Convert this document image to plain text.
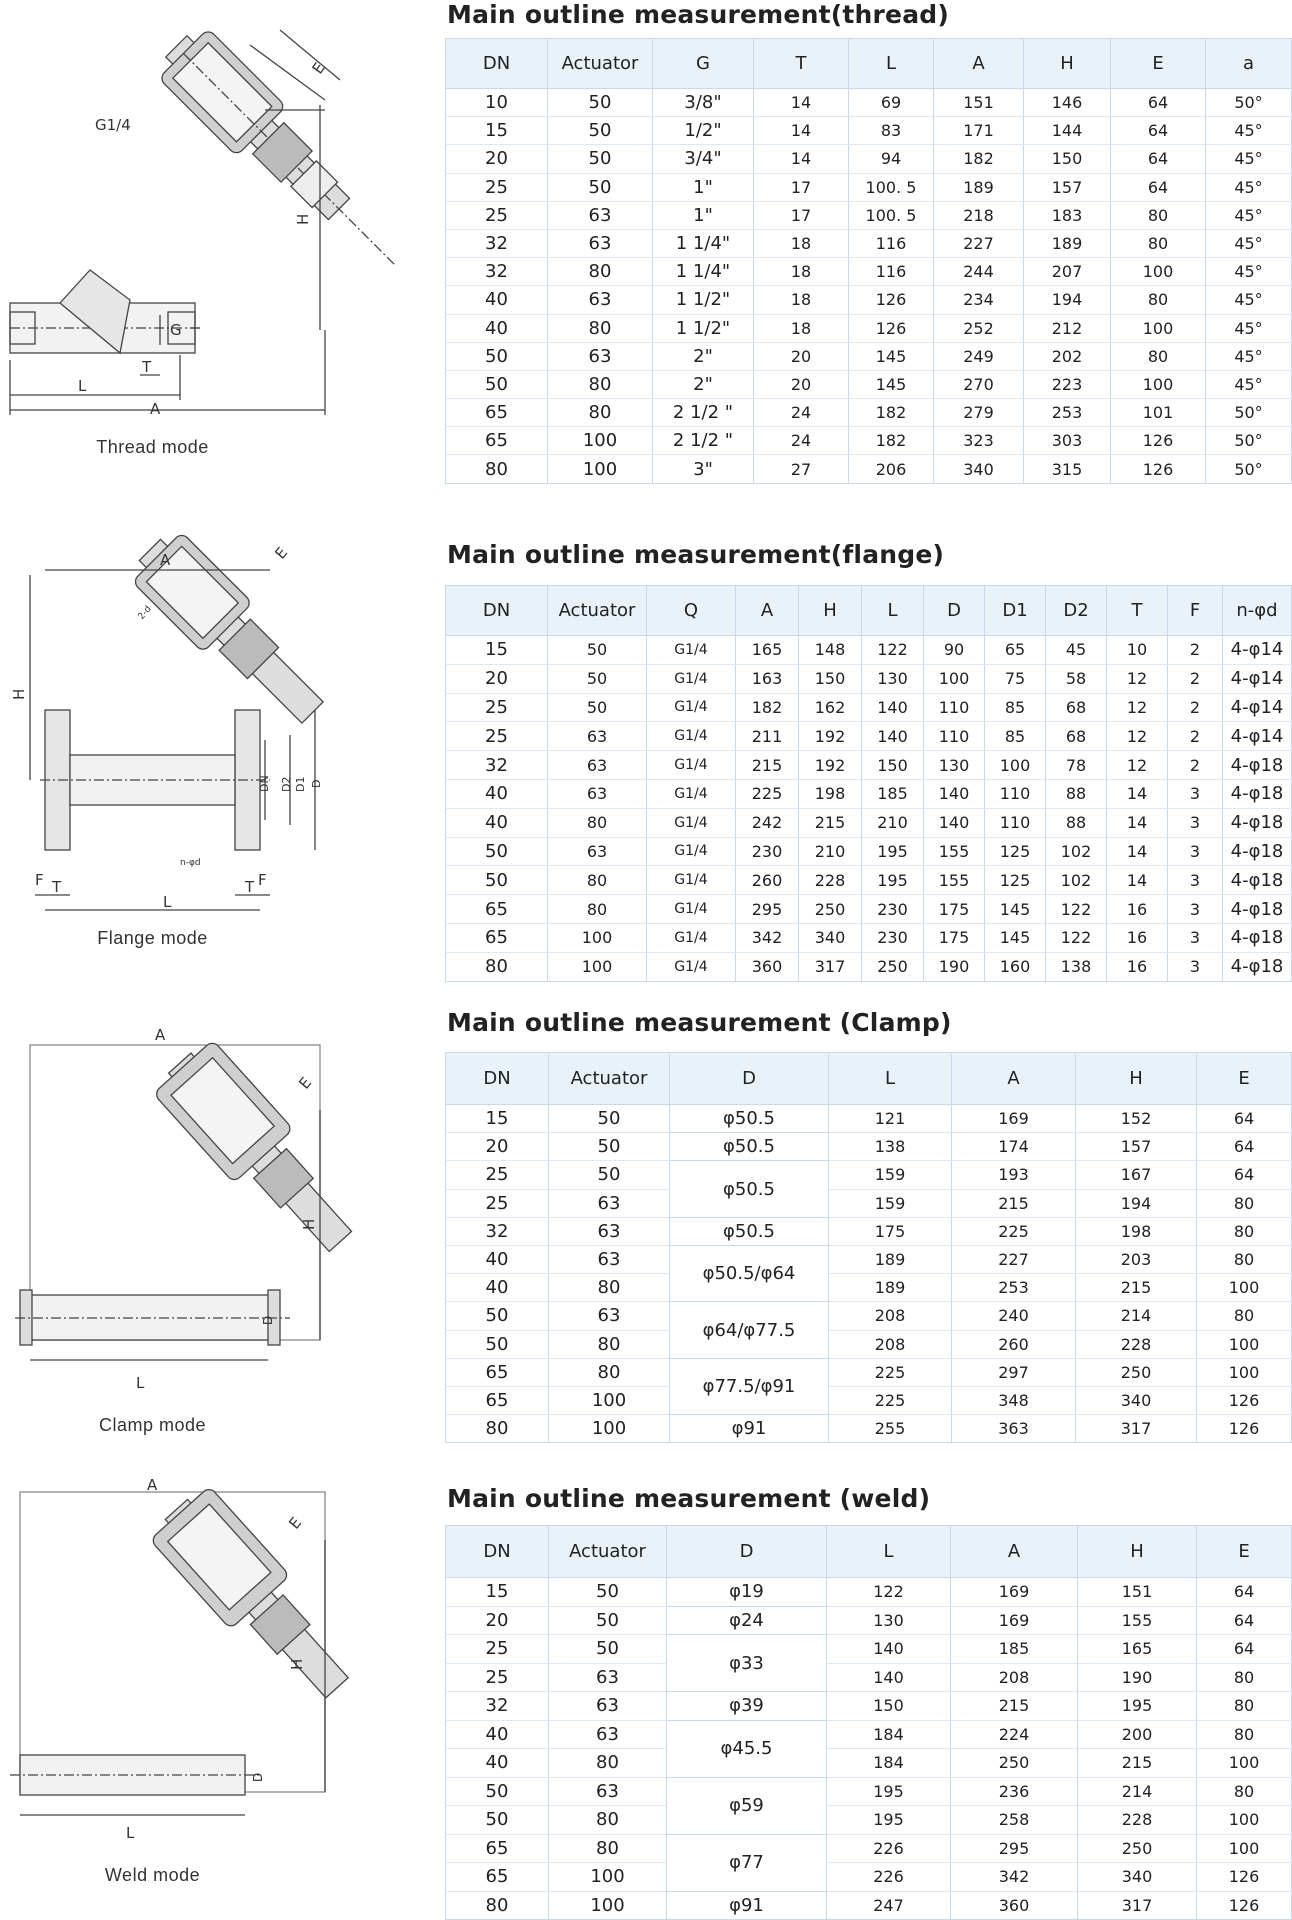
Main outline measurement(thread)
G1/4
E
H
G
T
L
A
Thread mode
DN	Actuator	G	T	L	A	H	E	a
10	50	3/8"	14	69	151	146	64	50°
15	50	1/2"	14	83	171	144	64	45°
20	50	3/4"	14	94	182	150	64	45°
25	50	1"	17	100. 5	189	157	64	45°
25	63	1"	17	100. 5	218	183	80	45°
32	63	1 1/4"	18	116	227	189	80	45°
32	80	1 1/4"	18	116	244	207	100	45°
40	63	1 1/2"	18	126	234	194	80	45°
40	80	1 1/2"	18	126	252	212	100	45°
50	63	2"	20	145	249	202	80	45°
50	80	2"	20	145	270	223	100	45°
65	80	2 1/2 "	24	182	279	253	101	50°
65	100	2 1/2 "	24	182	323	303	126	50°
80	100	3"	27	206	340	315	126	50°
Main outline measurement(flange)
A	E
H
DN D2 D1 D
F	F
T	T
L
n-φd
2-d
Flange mode
DN	Actuator	Q	A	H	L	D	D1	D2	T	F	n-φd
15	50	G1/4	165	148	122	90	65	45	10	2	4-φ14
20	50	G1/4	163	150	130	100	75	58	12	2	4-φ14
25	50	G1/4	182	162	140	110	85	68	12	2	4-φ14
25	63	G1/4	211	192	140	110	85	68	12	2	4-φ14
32	63	G1/4	215	192	150	130	100	78	12	2	4-φ18
40	63	G1/4	225	198	185	140	110	88	14	3	4-φ18
40	80	G1/4	242	215	210	140	110	88	14	3	4-φ18
50	63	G1/4	230	210	195	155	125	102	14	3	4-φ18
50	80	G1/4	260	228	195	155	125	102	14	3	4-φ18
65	80	G1/4	295	250	230	175	145	122	16	3	4-φ18
65	100	G1/4	342	340	230	175	145	122	16	3	4-φ18
80	100	G1/4	360	317	250	190	160	138	16	3	4-φ18
Main outline measurement (Clamp)
A
E
H
D
L
Clamp mode
DN	Actuator	D	L	A	H	E
15	50	φ50.5	121	169	152	64
20	50	φ50.5	138	174	157	64
25	50	φ50.5	159	193	167	64
25	63		159	215	194	80
32	63	φ50.5	175	225	198	80
40	63	φ50.5/φ64	189	227	203	80
40	80		189	253	215	100
50	63	φ64/φ77.5	208	240	214	80
50	80		208	260	228	100
65	80	φ77.5/φ91	225	297	250	100
65	100		225	348	340	126
80	100	φ91	255	363	317	126
Main outline measurement (weld)
A
E
H
D
L
Weld mode
DN	Actuator	D	L	A	H	E
15	50	φ19	122	169	151	64
20	50	φ24	130	169	155	64
25	50	φ33	140	185	165	64
25	63		140	208	190	80
32	63	φ39	150	215	195	80
40	63	φ45.5	184	224	200	80
40	80		184	250	215	100
50	63	φ59	195	236	214	80
50	80		195	258	228	100
65	80	φ77	226	295	250	100
65	100		226	342	340	126
80	100	φ91	247	360	317	126
